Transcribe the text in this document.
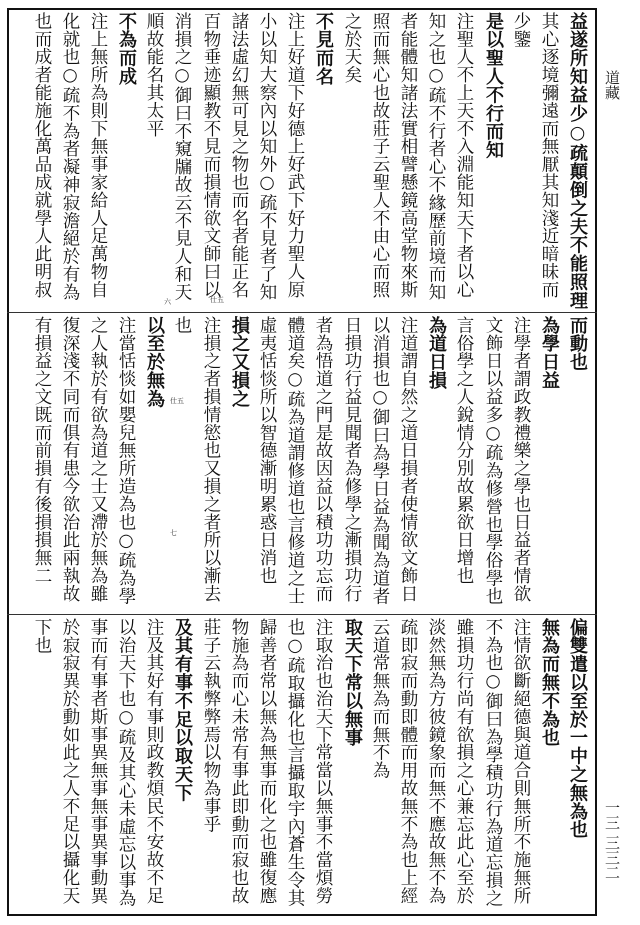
道藏
一三 三三二
益遂所知益少○疏顛倒之夫不能照理
其心逐境彌遠而無厭其知淺近暗昧而
少鑒
是以聖人不行而知
注聖人不上天不入淵能知天下者以心
知之也○疏不行者心不緣歷前境而知
者能體知諸法實相譬懸鏡高堂物來斯
照而無心也故莊子云聖人不由心而照
之於天矣
不見而名
注上好道下好德上好武下好力聖人原
小以知大察內以知外○疏不見者了知
諸法虛幻無可見之物也而名者能正名
百物垂迹顯教不見而損情欲文師曰以
消損之○御曰不窺牖故云不見人和天
順故能名其太平
不為而成
注上無所為則下無事家給人足萬物自
化就也○疏不為者凝神寂澹絕於有為
也而成者能施化萬品成就學人此明叔
仕五
六
而動也
為學日益
注學者謂政教禮樂之學也日益者情欲
文飾日以益多○疏為修營也學俗學也
言俗學之人銳情分別故累欲日增也
為道日損
注道謂自然之道日損者使情欲文飾日
以消損也○御曰為學日益為聞為道者
日損功行益見聞者為修學之漸損功行
者為悟道之門是故因益以積功功忘而
體道矣○疏為道謂修道也言修道之士
虛夷恬惔所以智德漸明累惑日消也
損之又損之
注損之者損情慾也又損之者所以漸去
也
以至於無為
注當恬惔如嬰兒無所造為也○疏為學
之人執於有欲為道之士又滯於無為雖
復深淺不同而俱有患今欲治此兩執故
有損益之文既而前損有後損損無二	仕五
七
偏雙遣以至於一中之無為也
無為而無不為也
注情欲斷絕德與道合則無所不施無所
不為也○御曰為學積功行為道忘損之
雖損功行尚有欲損之心兼忘此心至於
淡然無為方彼鏡象而無不應故無不為
疏即寂而動即體而用故無不為也上經
云道常無為而無不為
取天下常以無事
注取治也治天下常當以無事不當煩勞
也○疏取攝化也言攝取宇內蒼生令其
歸善者常以無為無事而化之也雖復應
物施為而心未常有事此即動而寂也故
莊子云執弊弊焉以物為事乎
及其有事不足以取天下
注及其好有事則政教煩民不安故不足
以治天下也○疏及其心未虛忘以事為
事而有事者斯事異無事無事異事動異
於寂寂異於動如此之人不足以攝化天
下也
